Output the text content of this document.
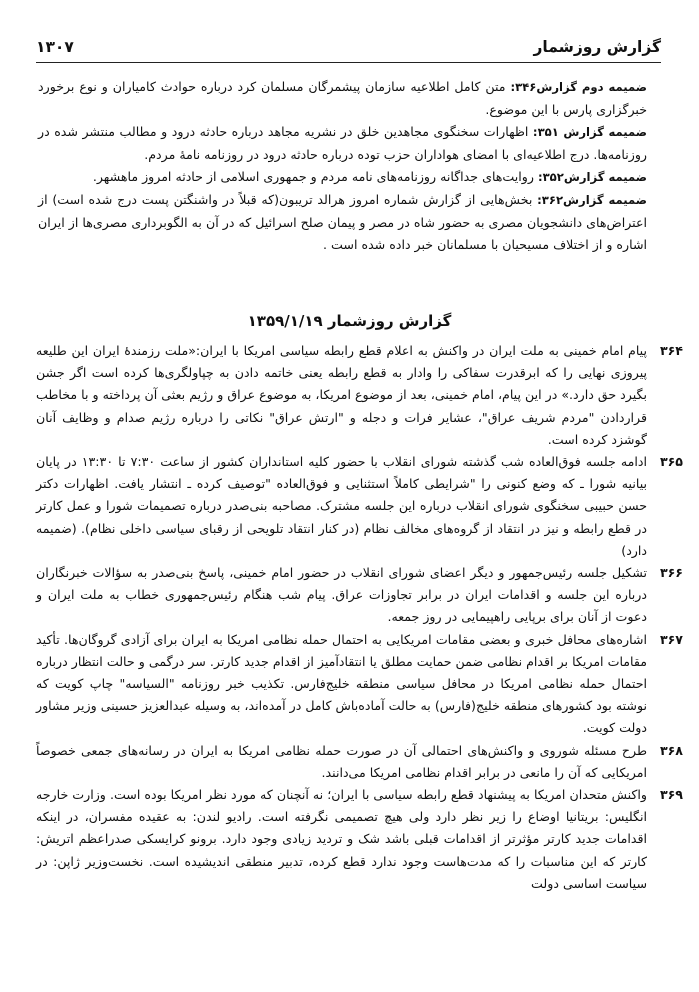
گزارش روزشمار
۱۳۰۷

ضمیمه دوم گزارش۳۴۶: متن کامل اطلاعیه سازمان پیشمرگان مسلمان کرد درباره حوادث کامیاران و نوع برخورد خبرگزاری پارس با این موضوع.

ضمیمه گزارش ۳۵۱: اظهارات سخنگوی مجاهدین خلق در نشریه مجاهد درباره حادثه درود و مطالب منتشر شده در روزنامه‌ها. درج اطلاعیه‌ای با امضای هواداران حزب توده درباره حادثه درود در روزنامه نامهٔ مردم.

ضمیمه گزارش۳۵۲: روایت‌های جداگانه روزنامه‌های نامه مردم و جمهوری اسلامی از حادثه امروز ماهشهر.

ضمیمه گزارش۳۶۲: بخش‌هایی از گزارش شماره امروز هرالد تریبون(که قبلاً در واشنگتن پست درج شده است) از اعتراض‌های دانشجویان مصری به حضور شاه در مصر و پیمان صلح اسرائیل که در آن به الگوبرداری مصری‌ها از ایران اشاره و از اختلاف مسیحیان با مسلمانان خبر داده شده است .

گزارش روزشمار ۱۳۵۹/۱/۱۹
۳۶۴
پیام امام خمینی به ملت ایران در واکنش به اعلام قطع رابطه سیاسی امریکا با ایران:«ملت رزمندهٔ ایران این طلیعه پیروزی نهایی را که ابرقدرت سفاکی را وادار به قطع رابطه یعنی خاتمه دادن به چپاولگری‌ها کرده است اگر جشن بگیرد حق دارد.» در این پیام، امام خمینی، بعد از موضوع امریکا، به موضوع عراق و رژیم بعثی آن پرداخته و با مخاطب قراردادن "مردم شریف عراق"، عشایر فرات و دجله و "ارتش عراق" نکاتی را درباره رژیم صدام و وظایف آنان گوشزد کرده است.
۳۶۵
ادامه جلسه فوق‌العاده شب گذشته شورای انقلاب با حضور کلیه استانداران کشور از ساعت ۷:۳۰ تا ۱۳:۳۰ در پایان بیانیه شورا ـ که وضع کنونی را "شرایطی کاملاً استثنایی و فوق‌العاده "توصیف کرده ـ انتشار یافت. اظهارات دکتر حسن حبیبی سخنگوی شورای انقلاب درباره این جلسه مشترک. مصاحبه بنی‌صدر درباره تصمیمات شورا و عمل کارتر در قطع رابطه و نیز در انتقاد از گروه‌های مخالف نظام (در کنار انتقاد تلویحی از رقبای سیاسی داخلی نظام). (ضمیمه دارد)
۳۶۶
تشکیل جلسه رئیس‌جمهور و دیگر اعضای شورای انقلاب در حضور امام خمینی، پاسخ بنی‌صدر به سؤالات خبرنگاران درباره این جلسه و اقدامات ایران در برابر تجاوزات عراق. پیام شب هنگام رئیس‌جمهوری خطاب به ملت ایران و دعوت از آنان برای برپایی راهپیمایی در روز جمعه.
۳۶۷
اشاره‌های محافل خبری و بعضی مقامات امریکایی به احتمال حمله نظامی امریکا به ایران برای آزادی گروگان‌ها. تأکید مقامات امریکا بر اقدام نظامی ضمن حمایت مطلق یا انتقادآمیز از اقدام جدید کارتر. سر درگمی و حالت انتظار درباره احتمال حمله نظامی امریکا در محافل سیاسی منطقه خلیج‌فارس. تکذیب خبر روزنامه "السیاسه" چاپ کویت که نوشته بود کشورهای منطقه خلیج(فارس) به حالت آماده‌باش کامل در آمده‌اند، به وسیله عبدالعزیز حسینی وزیر مشاور دولت کویت.
۳۶۸
طرح مسئله شوروی و واکنش‌های احتمالی آن در صورت حمله نظامی امریکا به ایران در رسانه‌های جمعی خصوصاً امریکایی که آن را مانعی در برابر اقدام نظامی امریکا می‌دانند.
۳۶۹
واکنش متحدان امریکا به پیشنهاد قطع رابطه سیاسی با ایران؛ نه آنچنان که مورد نظر امریکا بوده است. وزارت خارجه انگلیس: بریتانیا اوضاع را زیر نظر دارد ولی هیچ تصمیمی نگرفته است. رادیو لندن: به عقیده مفسران، در اینکه اقدامات جدید کارتر مؤثرتر از اقدامات قبلی باشد شک و تردید زیادی وجود دارد. برونو کرایسکی صدراعظم اتریش: کارتر که این مناسبات را که مدت‌هاست وجود ندارد قطع کرده، تدبیر منطقی اندیشیده است. نخست‌وزیر ژاپن: در سیاست اساسی دولت
